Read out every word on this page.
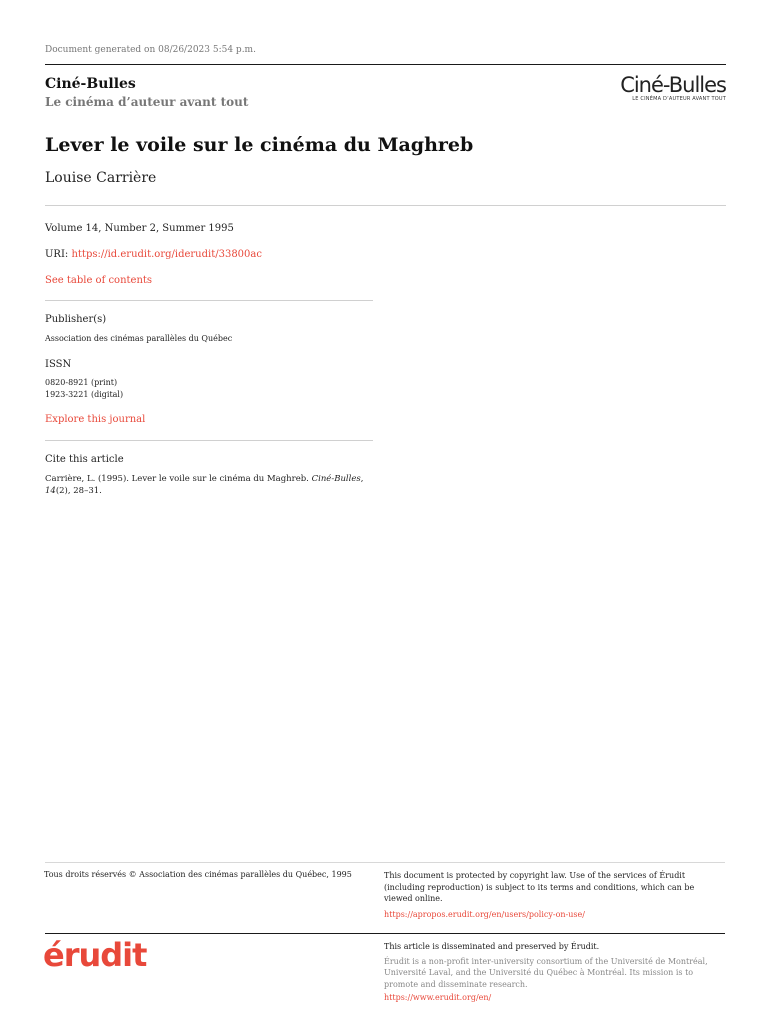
Document generated on 08/26/2023 5:54 p.m.
Ciné-Bulles
Le cinéma d’auteur avant tout
Ciné-Bulles
LE CINÉMA D’AUTEUR AVANT TOUT
Lever le voile sur le cinéma du Maghreb
Louise Carrière
Volume 14, Number 2, Summer 1995
URI: https://id.erudit.org/iderudit/33800ac
See table of contents
Publisher(s)
Association des cinémas parallèles du Québec
ISSN
0820-8921 (print)
1923-3221 (digital)
Explore this journal
Cite this article
Carrière, L. (1995). Lever le voile sur le cinéma du Maghreb. Ciné-Bulles, 14(2), 28–31.
Tous droits réservés © Association des cinémas parallèles du Québec, 1995	This document is protected by copyright law. Use of the services of Érudit (including reproduction) is subject to its terms and conditions, which can be viewed online.
https://apropos.erudit.org/en/users/policy-on-use/
érudit	This article is disseminated and preserved by Érudit.
Érudit is a non-profit inter-university consortium of the Université de Montréal, Université Laval, and the Université du Québec à Montréal. Its mission is to promote and disseminate research.
https://www.erudit.org/en/
